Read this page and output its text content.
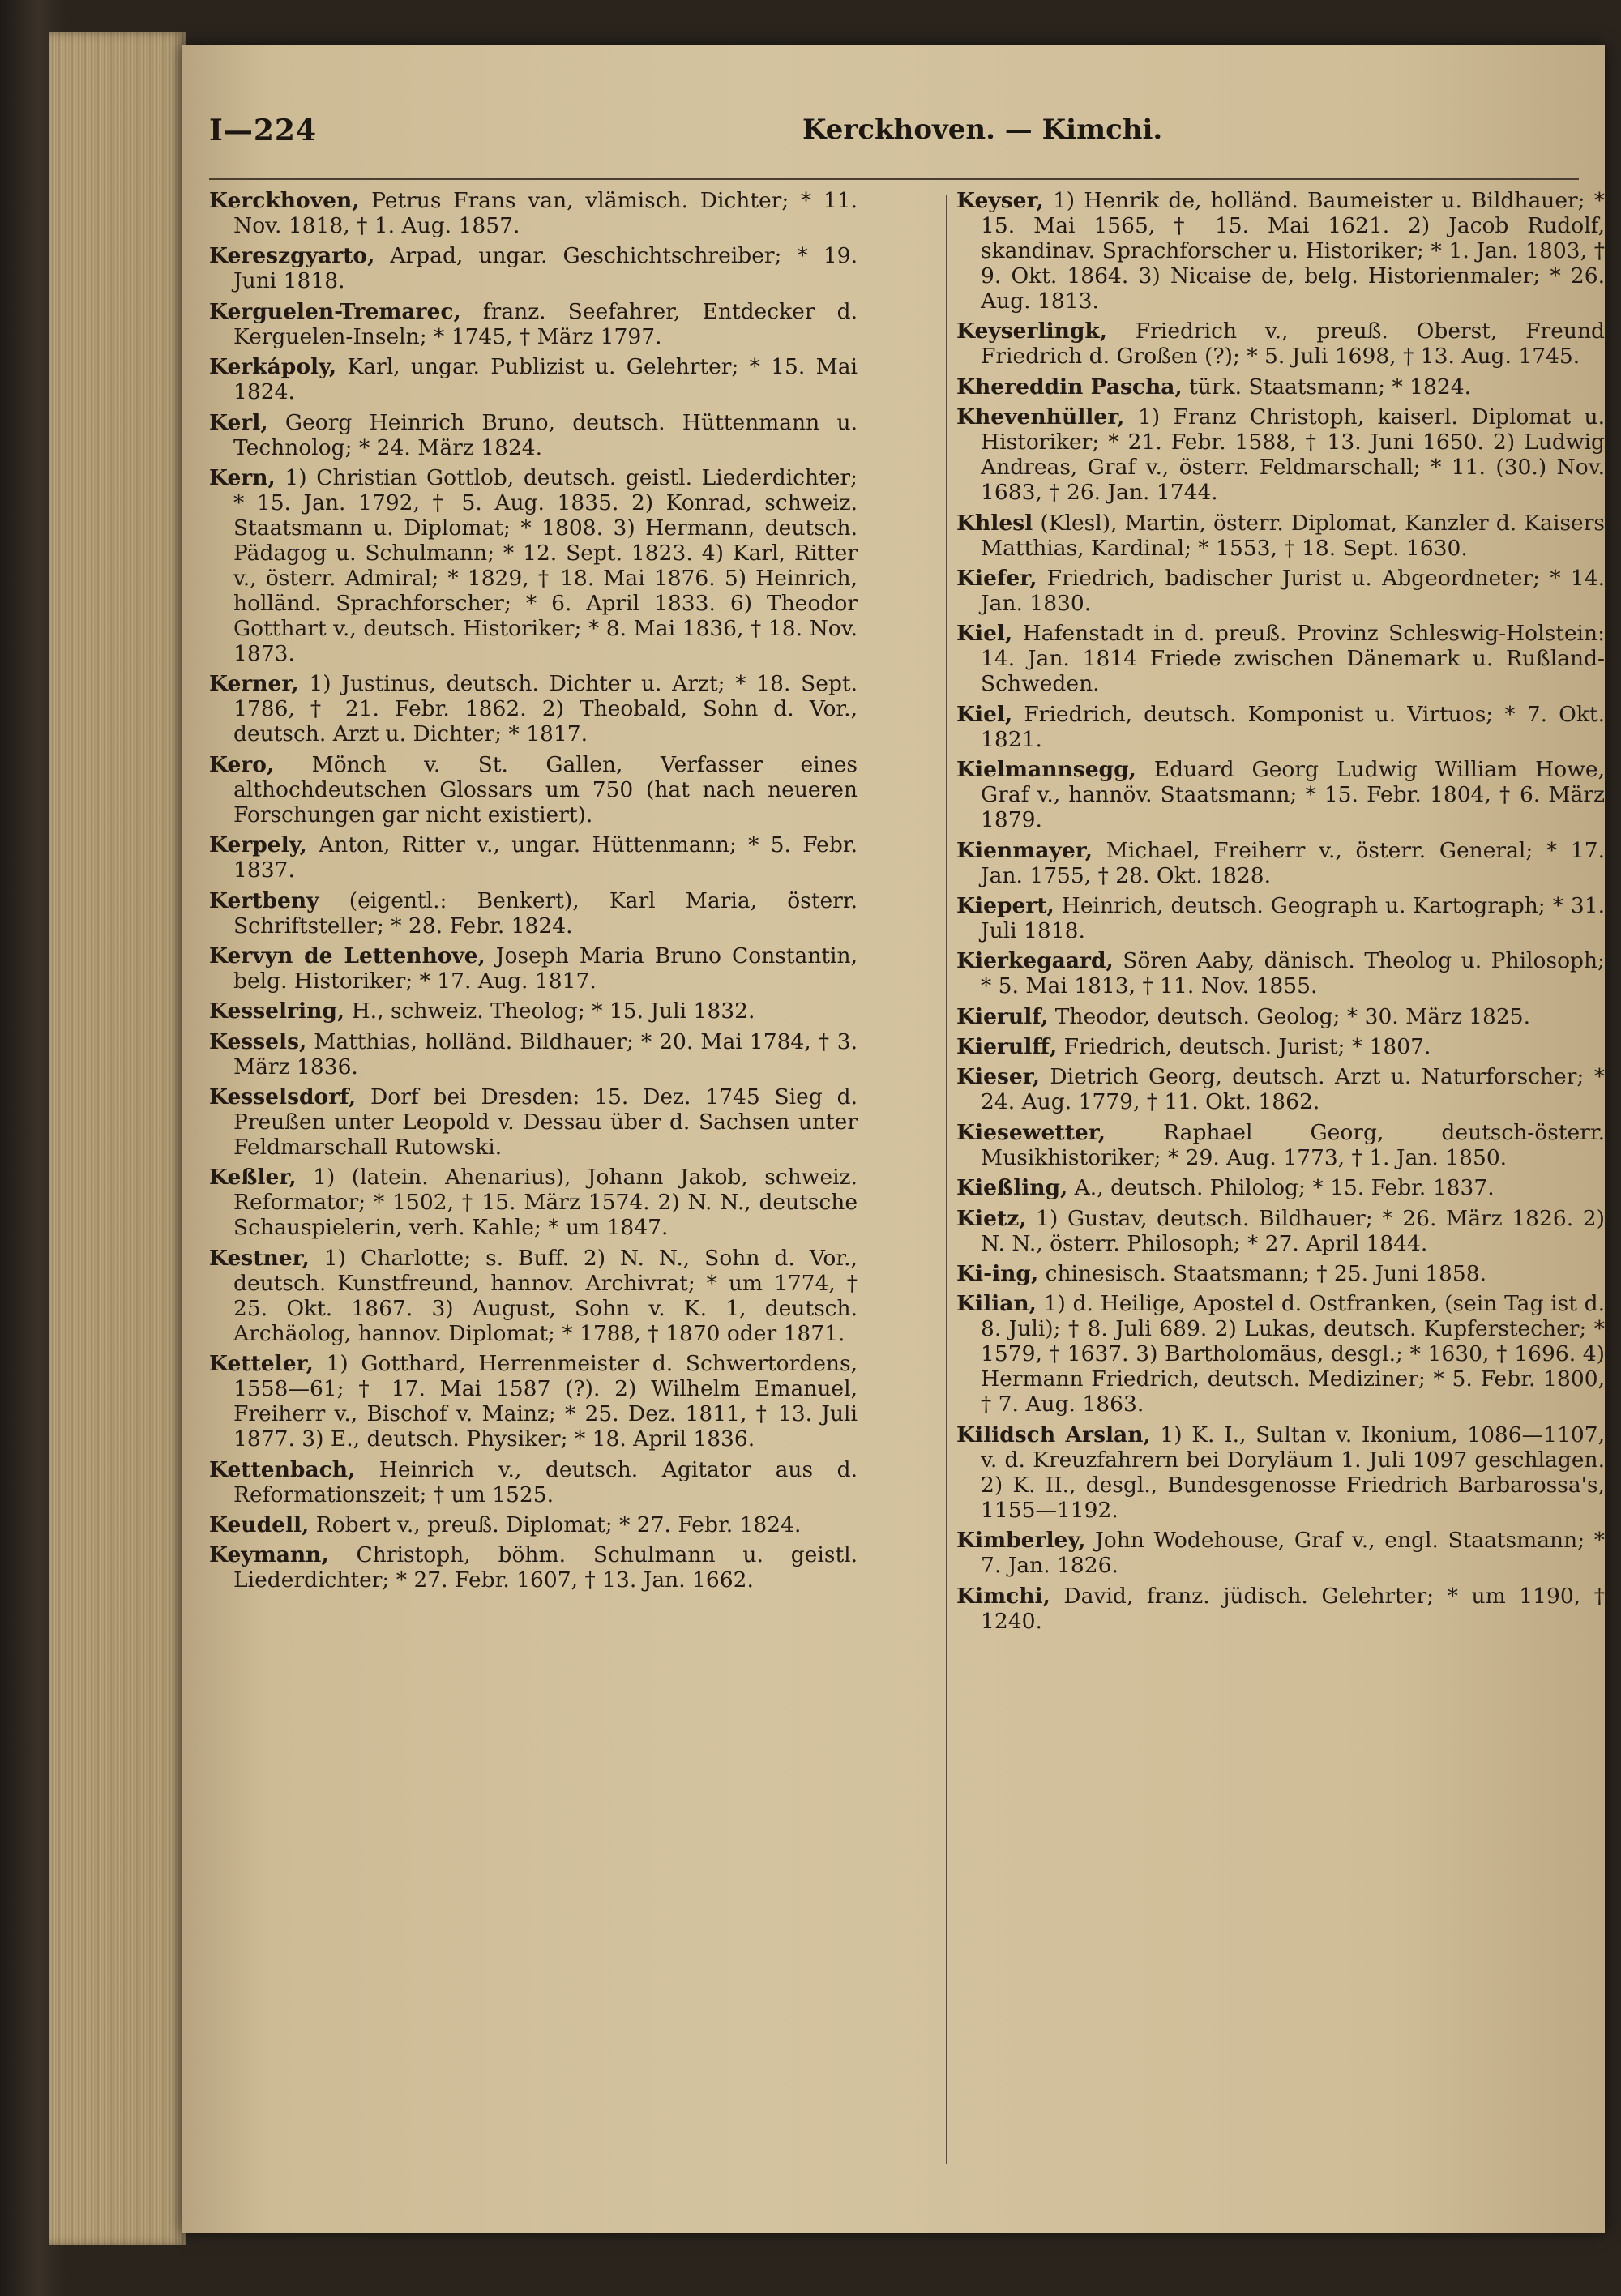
I—224	Kerckhoven. — Kimchi.

Kerckhoven, Petrus Frans van, vlämisch. Dichter; * 11. Nov. 1818, † 1. Aug. 1857.

Kereszgyarto, Arpad, ungar. Geschichtschreiber; * 19. Juni 1818.

Kerguelen-Tremarec, franz. Seefahrer, Entdecker d. Kerguelen-Inseln; * 1745, † März 1797.

Kerkápoly, Karl, ungar. Publizist u. Gelehrter; * 15. Mai 1824.

Kerl, Georg Heinrich Bruno, deutsch. Hüttenmann u. Technolog; * 24. März 1824.

Kern, 1) Christian Gottlob, deutsch. geistl. Liederdichter; * 15. Jan. 1792, † 5. Aug. 1835. 2) Konrad, schweiz. Staatsmann u. Diplomat; * 1808. 3) Hermann, deutsch. Pädagog u. Schulmann; * 12. Sept. 1823. 4) Karl, Ritter v., österr. Admiral; * 1829, † 18. Mai 1876. 5) Heinrich, holländ. Sprachforscher; * 6. April 1833. 6) Theodor Gotthart v., deutsch. Historiker; * 8. Mai 1836, † 18. Nov. 1873.

Kerner, 1) Justinus, deutsch. Dichter u. Arzt; * 18. Sept. 1786, † 21. Febr. 1862. 2) Theobald, Sohn d. Vor., deutsch. Arzt u. Dichter; * 1817.

Kero, Mönch v. St. Gallen, Verfasser eines althochdeutschen Glossars um 750 (hat nach neueren Forschungen gar nicht existiert).

Kerpely, Anton, Ritter v., ungar. Hüttenmann; * 5. Febr. 1837.

Kertbeny (eigentl.: Benkert), Karl Maria, österr. Schriftsteller; * 28. Febr. 1824.

Kervyn de Lettenhove, Joseph Maria Bruno Constantin, belg. Historiker; * 17. Aug. 1817.

Kesselring, H., schweiz. Theolog; * 15. Juli 1832.

Kessels, Matthias, holländ. Bildhauer; * 20. Mai 1784, † 3. März 1836.

Kesselsdorf, Dorf bei Dresden: 15. Dez. 1745 Sieg d. Preußen unter Leopold v. Dessau über d. Sachsen unter Feldmarschall Rutowski.

Keßler, 1) (latein. Ahenarius), Johann Jakob, schweiz. Reformator; * 1502, † 15. März 1574. 2) N. N., deutsche Schauspielerin, verh. Kahle; * um 1847.

Kestner, 1) Charlotte; s. Buff. 2) N. N., Sohn d. Vor., deutsch. Kunstfreund, hannov. Archivrat; * um 1774, † 25. Okt. 1867. 3) August, Sohn v. K. 1, deutsch. Archäolog, hannov. Diplomat; * 1788, † 1870 oder 1871.

Ketteler, 1) Gotthard, Herrenmeister d. Schwertordens, 1558—61; † 17. Mai 1587 (?). 2) Wilhelm Emanuel, Freiherr v., Bischof v. Mainz; * 25. Dez. 1811, † 13. Juli 1877. 3) E., deutsch. Physiker; * 18. April 1836.

Kettenbach, Heinrich v., deutsch. Agitator aus d. Reformationszeit; † um 1525.

Keudell, Robert v., preuß. Diplomat; * 27. Febr. 1824.

Keymann, Christoph, böhm. Schulmann u. geistl. Liederdichter; * 27. Febr. 1607, † 13. Jan. 1662.

Keyser, 1) Henrik de, holländ. Baumeister u. Bildhauer; * 15. Mai 1565, † 15. Mai 1621. 2) Jacob Rudolf, skandinav. Sprachforscher u. Historiker; * 1. Jan. 1803, † 9. Okt. 1864. 3) Nicaise de, belg. Historienmaler; * 26. Aug. 1813.

Keyserlingk, Friedrich v., preuß. Oberst, Freund Friedrich d. Großen (?); * 5. Juli 1698, † 13. Aug. 1745.

Khereddin Pascha, türk. Staatsmann; * 1824.

Khevenhüller, 1) Franz Christoph, kaiserl. Diplomat u. Historiker; * 21. Febr. 1588, † 13. Juni 1650. 2) Ludwig Andreas, Graf v., österr. Feldmarschall; * 11. (30.) Nov. 1683, † 26. Jan. 1744.

Khlesl (Klesl), Martin, österr. Diplomat, Kanzler d. Kaisers Matthias, Kardinal; * 1553, † 18. Sept. 1630.

Kiefer, Friedrich, badischer Jurist u. Abgeordneter; * 14. Jan. 1830.

Kiel, Hafenstadt in d. preuß. Provinz Schleswig-Holstein: 14. Jan. 1814 Friede zwischen Dänemark u. Rußland-Schweden.

Kiel, Friedrich, deutsch. Komponist u. Virtuos; * 7. Okt. 1821.

Kielmannsegg, Eduard Georg Ludwig William Howe, Graf v., hannöv. Staatsmann; * 15. Febr. 1804, † 6. März 1879.

Kienmayer, Michael, Freiherr v., österr. General; * 17. Jan. 1755, † 28. Okt. 1828.

Kiepert, Heinrich, deutsch. Geograph u. Kartograph; * 31. Juli 1818.

Kierkegaard, Sören Aaby, dänisch. Theolog u. Philosoph; * 5. Mai 1813, † 11. Nov. 1855.

Kierulf, Theodor, deutsch. Geolog; * 30. März 1825.

Kierulff, Friedrich, deutsch. Jurist; * 1807.

Kieser, Dietrich Georg, deutsch. Arzt u. Naturforscher; * 24. Aug. 1779, † 11. Okt. 1862.

Kiesewetter, Raphael Georg, deutsch-österr. Musikhistoriker; * 29. Aug. 1773, † 1. Jan. 1850.

Kießling, A., deutsch. Philolog; * 15. Febr. 1837.

Kietz, 1) Gustav, deutsch. Bildhauer; * 26. März 1826. 2) N. N., österr. Philosoph; * 27. April 1844.

Ki-ing, chinesisch. Staatsmann; † 25. Juni 1858.

Kilian, 1) d. Heilige, Apostel d. Ostfranken, (sein Tag ist d. 8. Juli); † 8. Juli 689. 2) Lukas, deutsch. Kupferstecher; * 1579, † 1637. 3) Bartholomäus, desgl.; * 1630, † 1696. 4) Hermann Friedrich, deutsch. Mediziner; * 5. Febr. 1800, † 7. Aug. 1863.

Kilidsch Arslan, 1) K. I., Sultan v. Ikonium, 1086—1107, v. d. Kreuzfahrern bei Doryläum 1. Juli 1097 geschlagen. 2) K. II., desgl., Bundesgenosse Friedrich Barbarossa's, 1155—1192.

Kimberley, John Wodehouse, Graf v., engl. Staatsmann; * 7. Jan. 1826.

Kimchi, David, franz. jüdisch. Gelehrter; * um 1190, † 1240.
